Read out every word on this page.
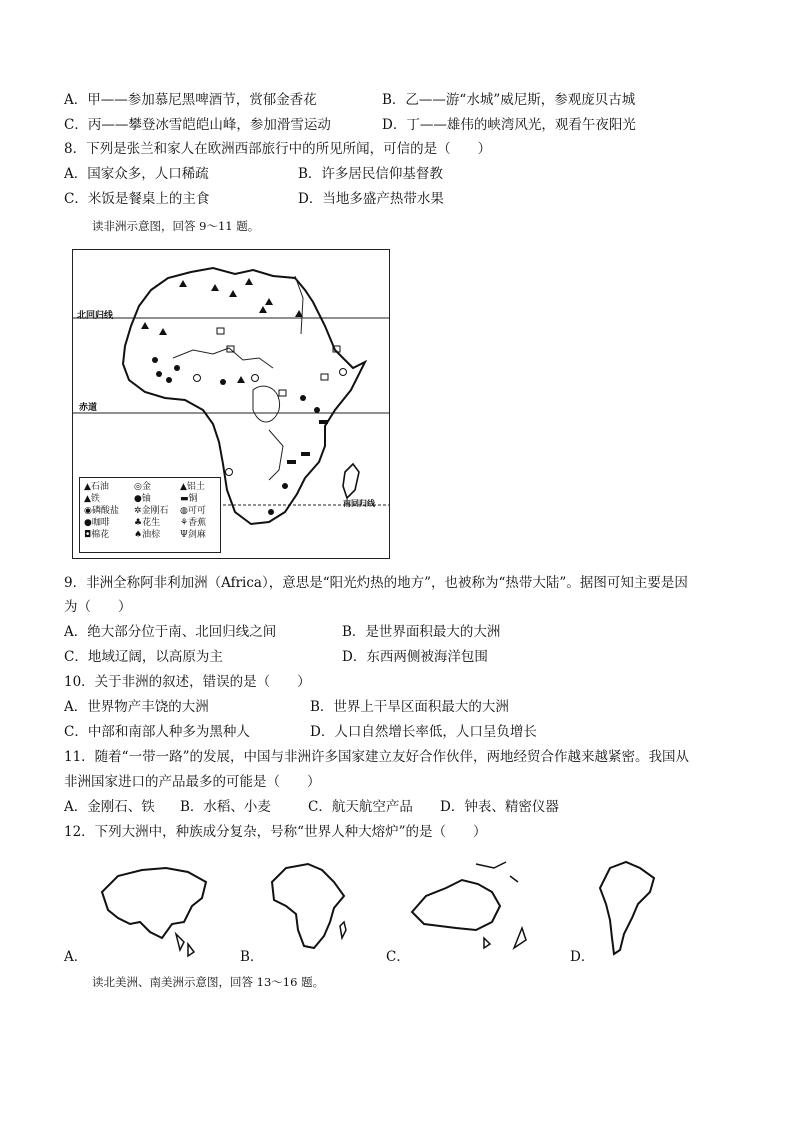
A．甲——参加慕尼黑啤酒节，赏郁金香花	B．乙——游“水城”威尼斯，参观庞贝古城
C．丙——攀登冰雪皑皑山峰，参加滑雪运动	D．丁——雄伟的峡湾风光，观看午夜阳光
8．下列是张兰和家人在欧洲西部旅行中的所见所闻，可信的是（　　）
A．国家众多，人口稀疏	B．许多居民信仰基督教
C．米饭是餐桌上的主食	D．当地多盛产热带水果
读非洲示意图，回答 9～11 题。
北回归线
赤道
南回归线
▲石油	◎金	▲铝土
▲铁	●铀	▬铜
◉磷酸盐	✲金刚石	◍可可
●咖啡	♣花生	⚘香蕉
◘棉花	♠油棕	Ψ剑麻
9．非洲全称阿非利加洲（Africa），意思是“阳光灼热的地方”，也被称为“热带大陆”。据图可知主要是因
为（　　）
A．绝大部分位于南、北回归线之间	B．是世界面积最大的大洲
C．地域辽阔，以高原为主	D．东西两侧被海洋包围
10．关于非洲的叙述，错误的是（　　）
A．世界物产丰饶的大洲	B．世界上干旱区面积最大的大洲
C．中部和南部人种多为黑种人	D．人口自然增长率低，人口呈负增长
11．随着“一带一路”的发展，中国与非洲许多国家建立友好合作伙伴，两地经贸合作越来越紧密。我国从
非洲国家进口的产品最多的可能是（　　）
A．金刚石、铁 B．水稻、小麦	C．航天航空产品 D．钟表、精密仪器
12．下列大洲中，种族成分复杂，号称“世界人种大熔炉”的是（　　）
A．	B．	C．	D．
读北美洲、南美洲示意图，回答 13～16 题。
